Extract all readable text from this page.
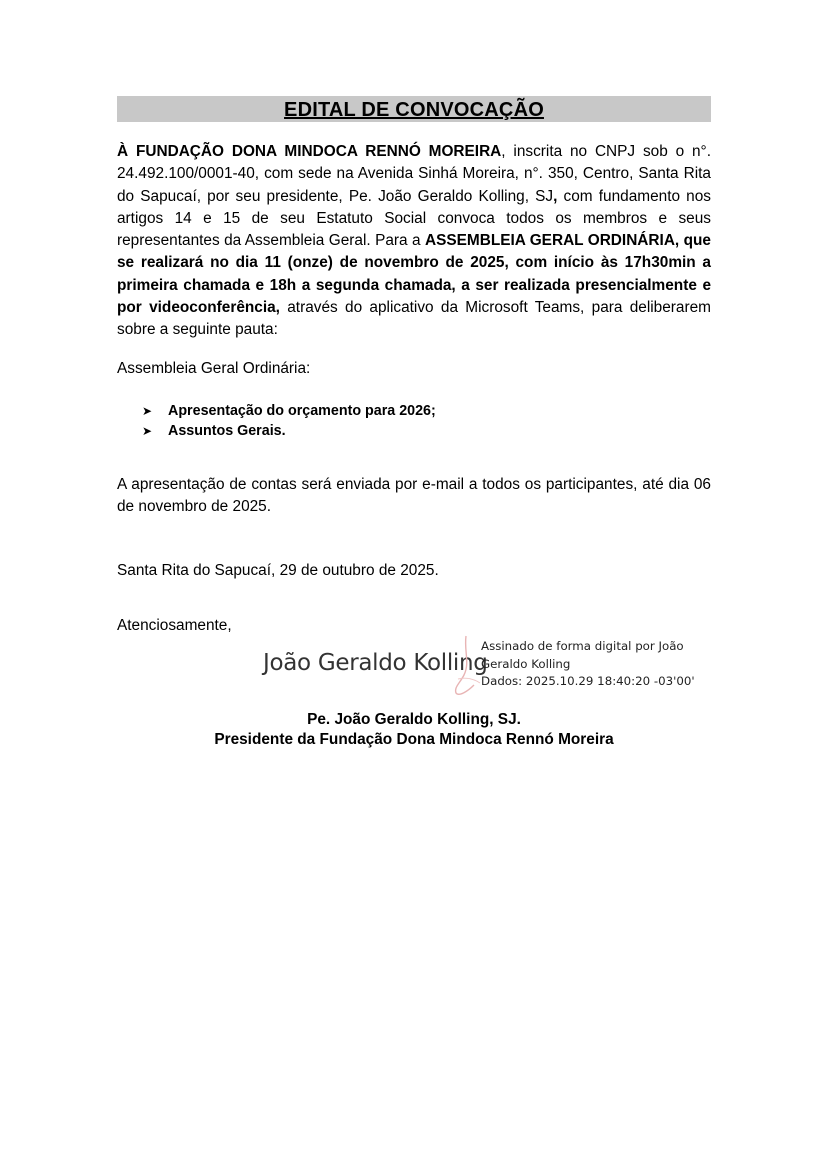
EDITAL DE CONVOCAÇÃO
À FUNDAÇÃO DONA MINDOCA RENNÓ MOREIRA, inscrita no CNPJ sob o n°. 24.492.100/0001-40, com sede na Avenida Sinhá Moreira, n°. 350, Centro, Santa Rita do Sapucaí, por seu presidente, Pe. João Geraldo Kolling, SJ, com fundamento nos artigos 14 e 15 de seu Estatuto Social convoca todos os membros e seus representantes da Assembleia Geral. Para a ASSEMBLEIA GERAL ORDINÁRIA, que se realizará no dia 11 (onze) de novembro de 2025, com início às 17h30min a primeira chamada e 18h a segunda chamada, a ser realizada presencialmente e por videoconferência, através do aplicativo da Microsoft Teams, para deliberarem sobre a seguinte pauta:
Assembleia Geral Ordinária:
➤	Apresentação do orçamento para 2026;
➤	Assuntos Gerais.
A apresentação de contas será enviada por e-mail a todos os participantes, até dia 06 de novembro de 2025.
Santa Rita do Sapucaí, 29 de outubro de 2025.
Atenciosamente,
João Geraldo Kolling
Assinado de forma digital por João
Geraldo Kolling
Dados: 2025.10.29 18:40:20 -03'00'
Pe. João Geraldo Kolling, SJ.
Presidente da Fundação Dona Mindoca Rennó Moreira
